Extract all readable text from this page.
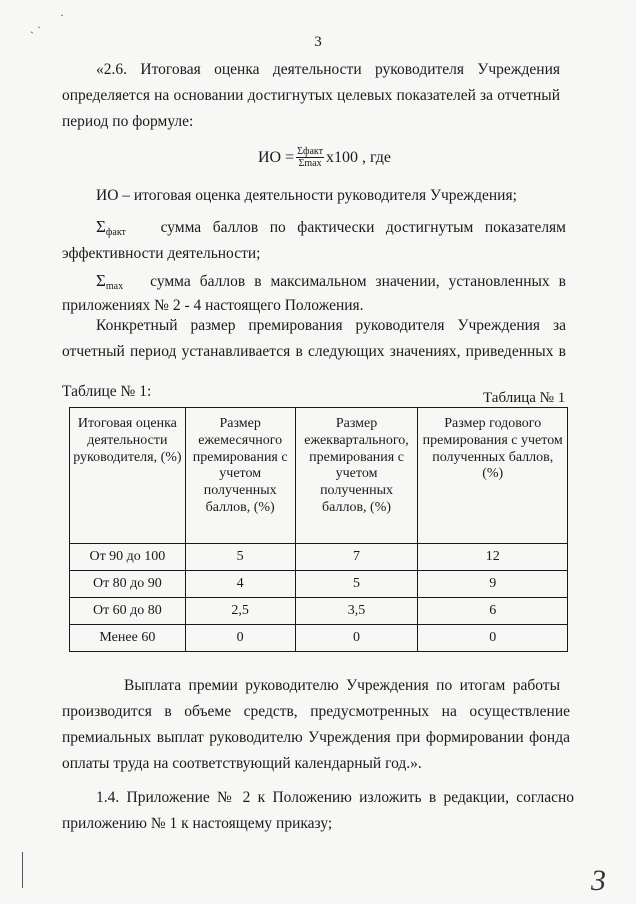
·
ˏ ·
3
«2.6. Итоговая оценка деятельности руководителя Учреждения
определяется на основании достигнутых целевых показателей за отчетный
период по формуле:
ИО = $\frac{\text{Σфакт}}{\Sigma\max} x100$ , где
ИО – итоговая оценка деятельности руководителя Учреждения;
$\Sigma_{факт}$ сумма баллов по фактически достигнутым показателям
эффективности деятельности;
$\Sigma_{max}$ сумма баллов в максимальном значении, установленных в
приложениях № 2 - 4 настоящего Положения.
Конкретный размер премирования руководителя Учреждения за
отчетный период устанавливается в следующих значениях, приведенных в
Таблице № 1:	Таблица № 1
Итоговая оценка деятельности руководителя, (%)	Размер ежемесячного премирования с учетом полученных баллов, (%)	Размер ежеквартального, премирования с учетом полученных баллов, (%)	Размер годового премирования с учетом полученных баллов, (%)
От 90 до 100	5	7	12
От 80 до 90	4	5	9
От 60 до 80	2,5	3,5	6
Менее 60	0	0	0
Выплата премии руководителю Учреждения по итогам работы
производится в объеме средств, предусмотренных на осуществление
премиальных выплат руководителю Учреждения при формировании фонда
оплаты труда на соответствующий календарный год.».
1.4. Приложение № 2 к Положению изложить в редакции, согласно
приложению № 1 к настоящему приказу;
3
